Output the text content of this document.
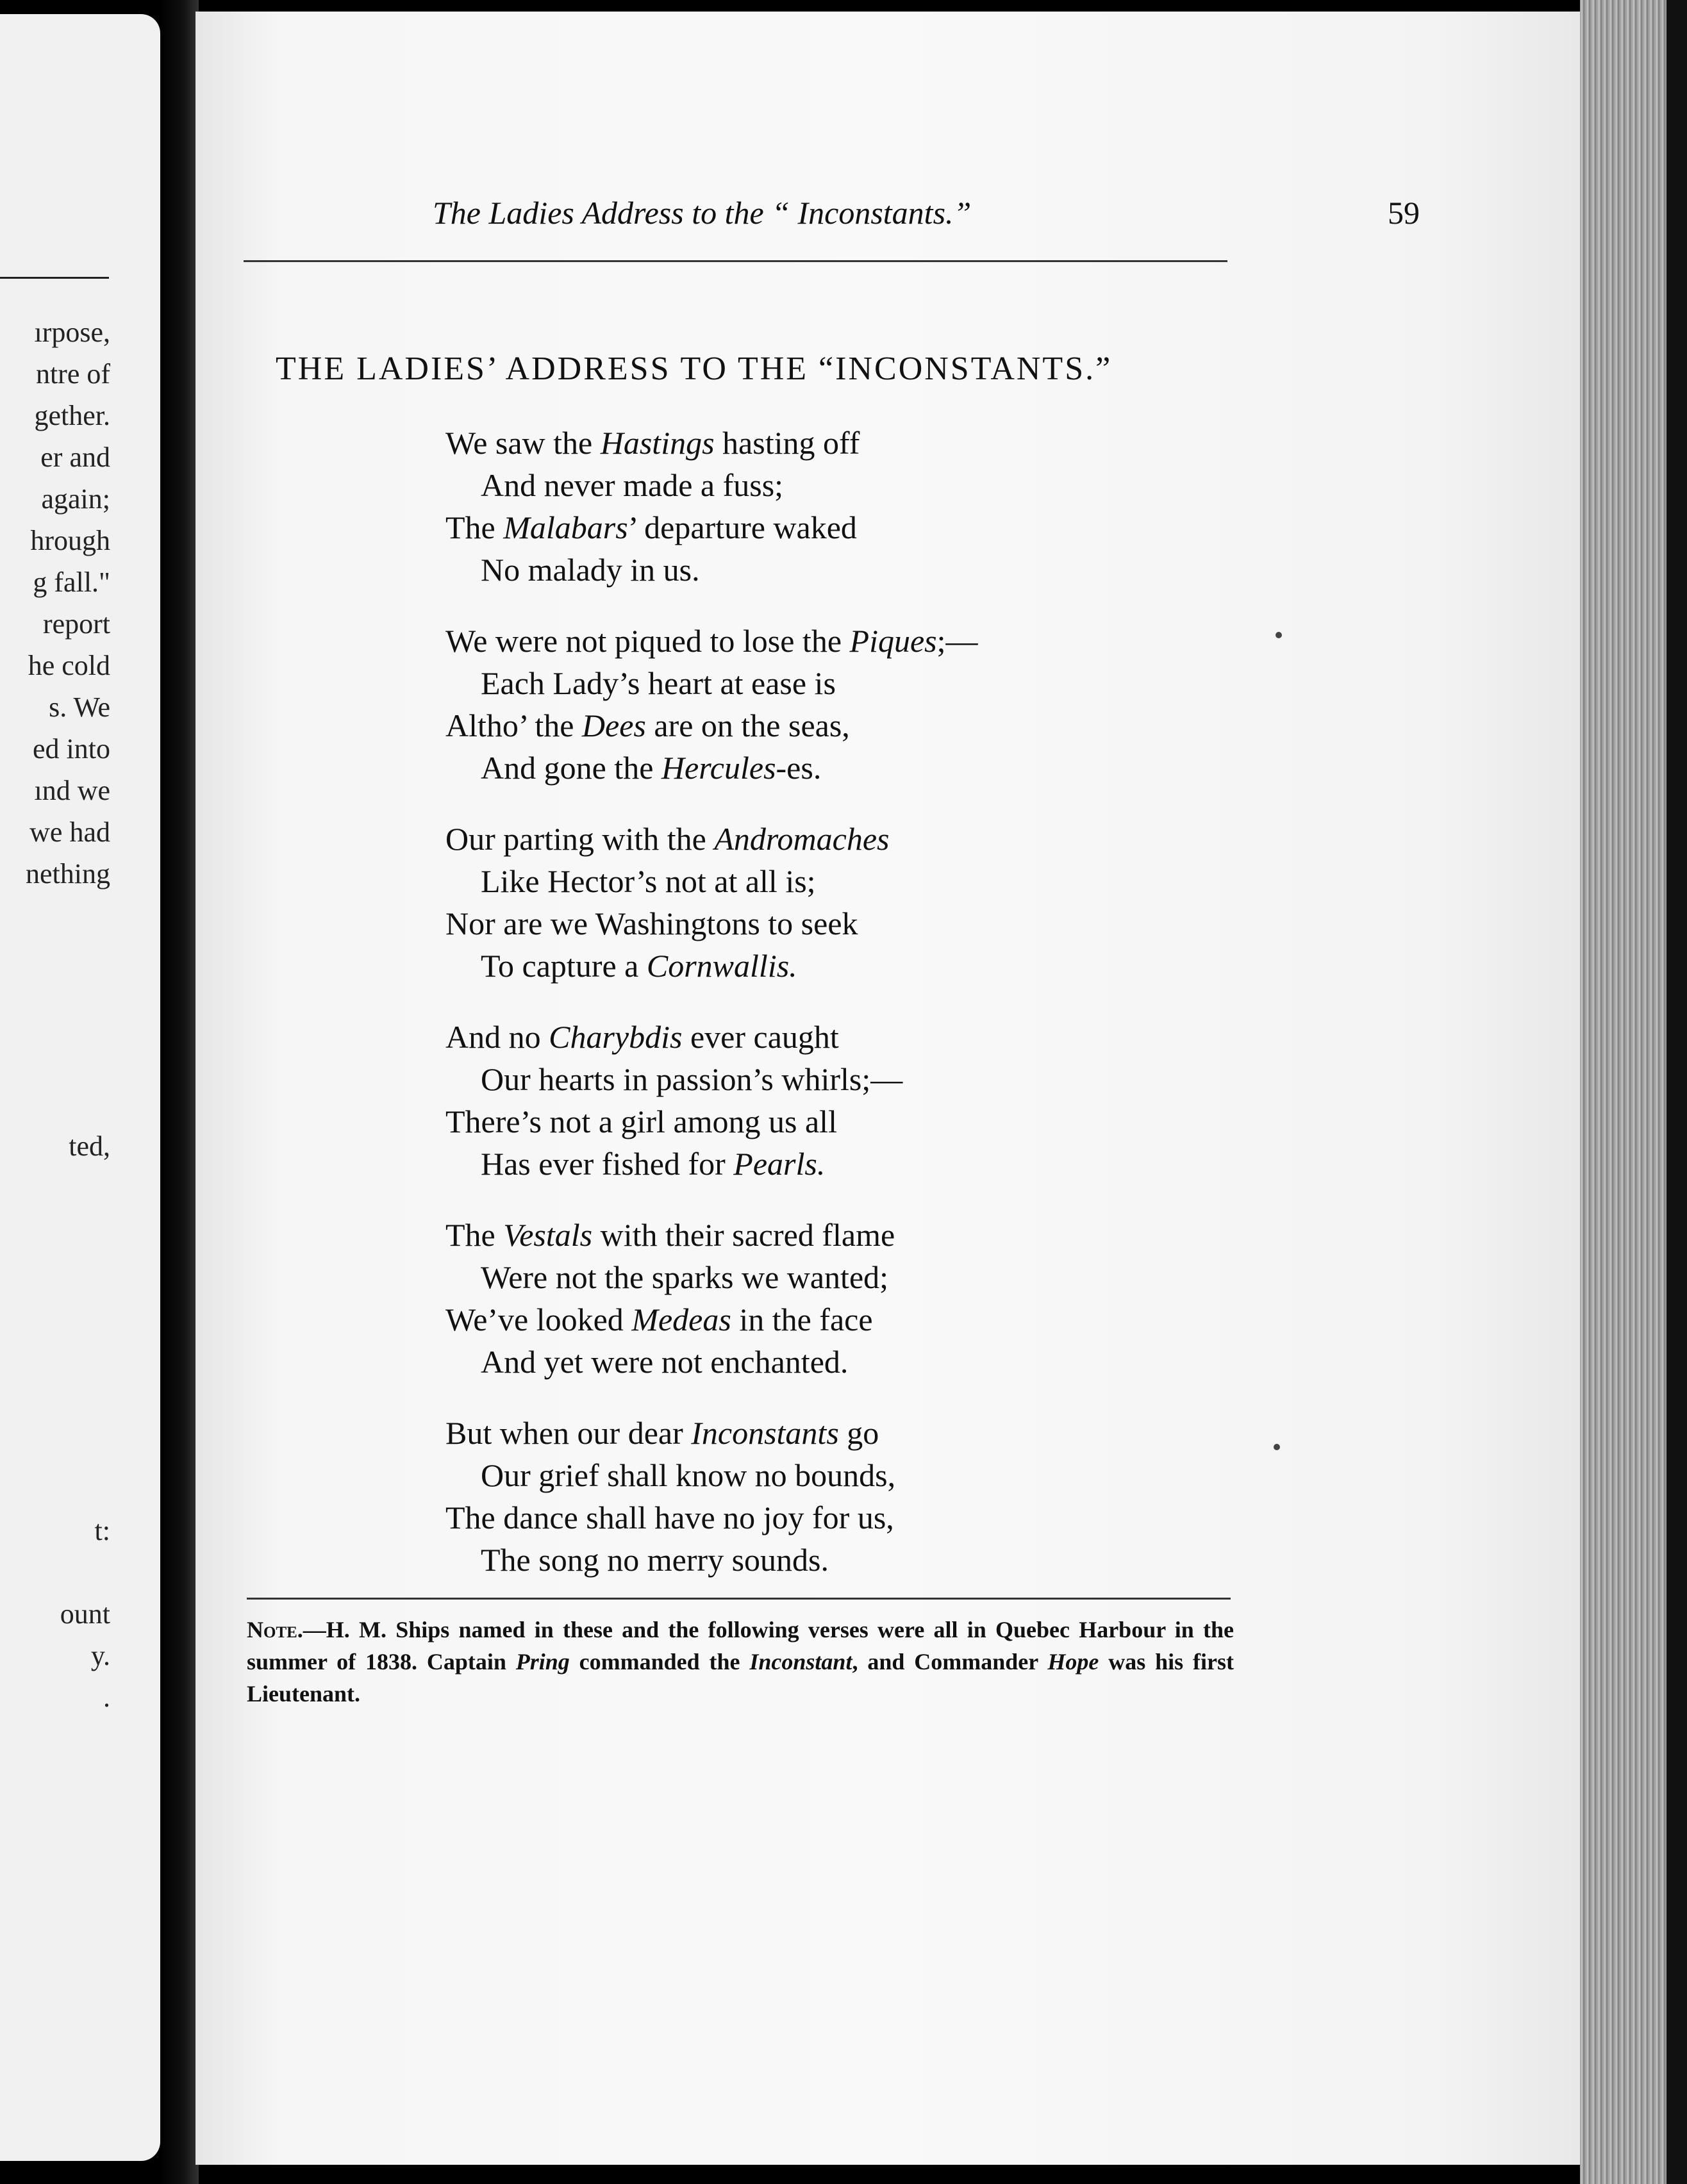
ırpose,
ntre of
gether.
er and
again;
hrough
g fall."
report
he cold
s. We
ed into
ınd we
we had
nething
ted,
t:
ount
y.
.
The Ladies Address to the “ Inconstants.”	59
THE LADIES’ ADDRESS TO THE “INCONSTANTS.”
We saw the Hastings hasting off
And never made a fuss;
The Malabars’ departure waked
No malady in us.
We were not piqued to lose the Piques;—
Each Lady’s heart at ease is
Altho’ the Dees are on the seas,
And gone the Hercules-es.
Our parting with the Andromaches
Like Hector’s not at all is;
Nor are we Washingtons to seek
To capture a Cornwallis.
And no Charybdis ever caught
Our hearts in passion’s whirls;—
There’s not a girl among us all
Has ever fished for Pearls.
The Vestals with their sacred flame
Were not the sparks we wanted;
We’ve looked Medeas in the face
And yet were not enchanted.
But when our dear Inconstants go
Our grief shall know no bounds,
The dance shall have no joy for us,
The song no merry sounds.
Note.—H. M. Ships named in these and the following verses were all in Quebec Harbour in the summer of 1838. Captain Pring commanded the Inconstant, and Commander Hope was his first Lieutenant.
